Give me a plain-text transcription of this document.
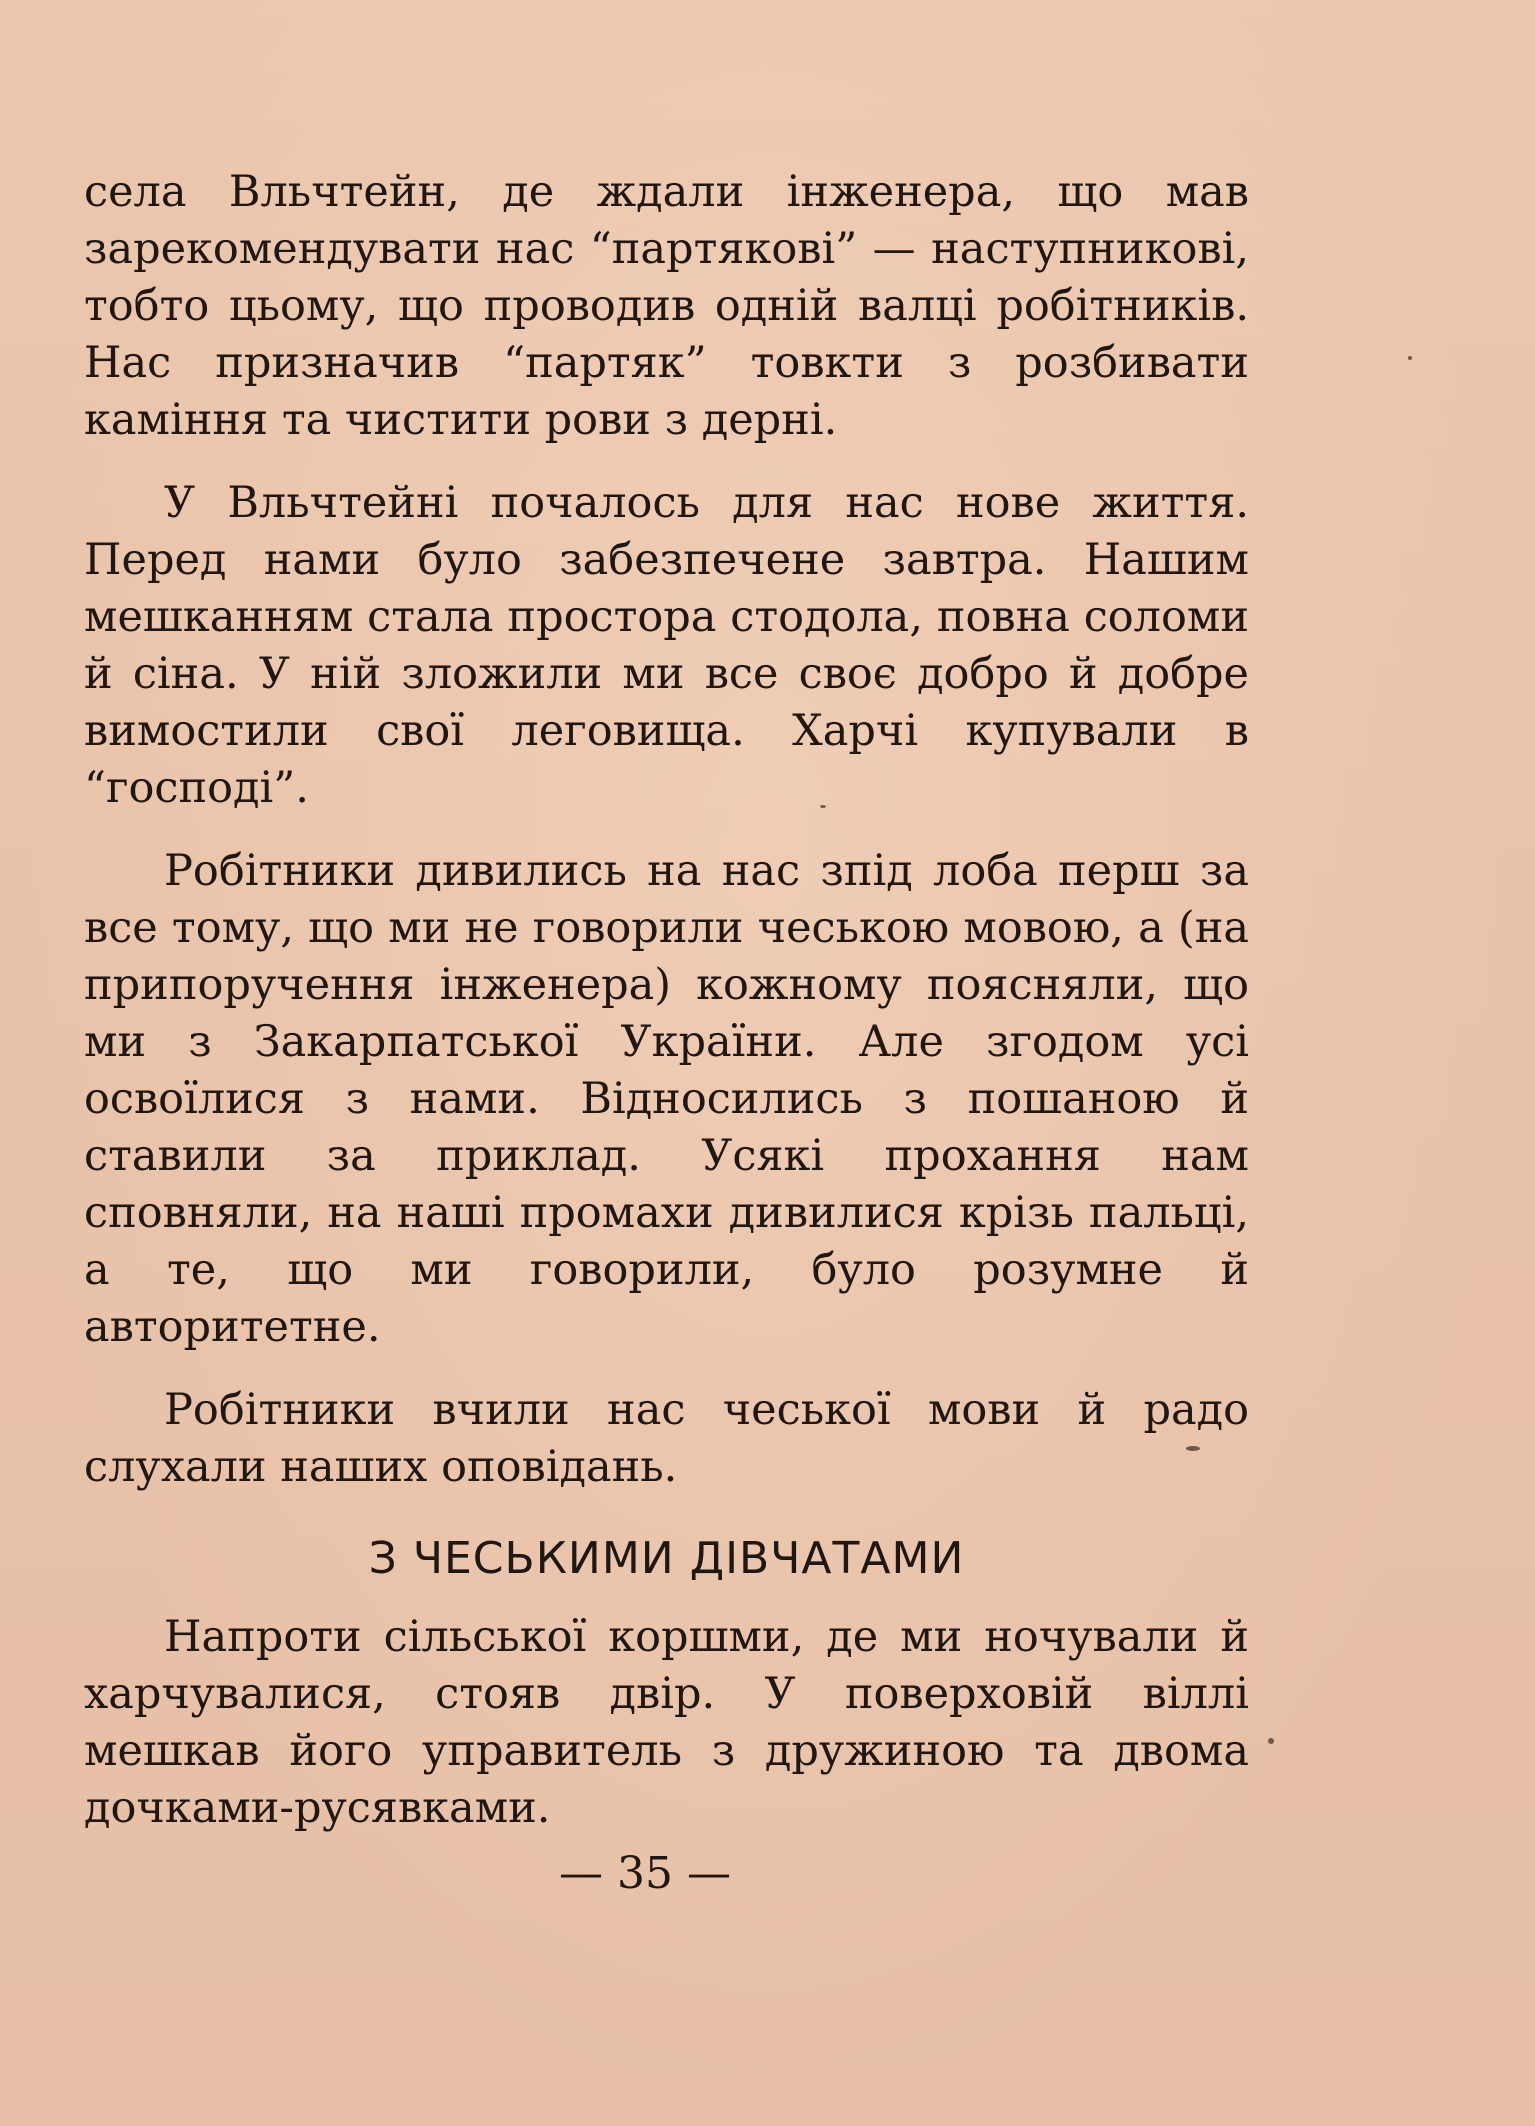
села Вльчтейн, де ждали інженера, що мав зарекомендувати нас “партякові” — наступникові, тобто цьому, що проводив одній валці робітників. Нас призначив “партяк” товкти з розбивати каміння та чистити рови з дерні.

У Вльчтейні почалось для нас нове життя. Перед нами було забезпечене завтра. Нашим мешканням стала простора стодола, повна соломи й сіна. У ній зложили ми все своє добро й добре вимостили свої леговища. Харчі купували в “господі”.

Робітники дивились на нас зпід лоба перш за все тому, що ми не говорили чеською мовою, а (на припоручення інженера) кожному поясняли, що ми з Закарпатської України. Але згодом усі освоїлися з нами. Відносились з пошаною й ставили за приклад. Усякі прохання нам сповняли, на наші промахи дивилися крізь пальці, а те, що ми говорили, було розумне й авторитетне.

Робітники вчили нас чеської мови й радо слухали наших оповідань.

З ЧЕСЬКИМИ ДІВЧАТАМИ

Напроти сільської коршми, де ми ночували й харчувалися, стояв двір. У поверховій віллі мешкав його управитель з дружиною та двома дочками-русявками.

— 35 —
